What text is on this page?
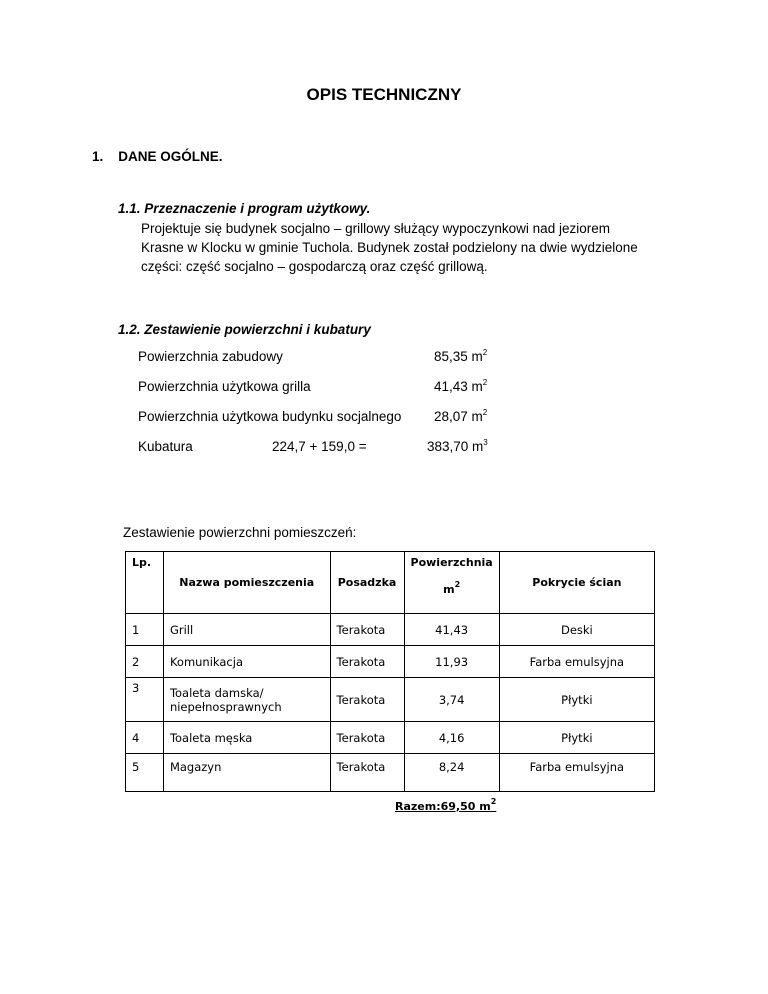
OPIS TECHNICZNY
1. DANE OGÓLNE.
1.1. Przeznaczenie i program użytkowy.
Projektuje się budynek socjalno – grillowy służący wypoczynkowi nad jeziorem
Krasne w Klocku w gminie Tuchola. Budynek został podzielony na dwie wydzielone
części: część socjalno – gospodarczą oraz część grillową.
1.2. Zestawienie powierzchni i kubatury
Powierzchnia zabudowy	85,35 $m^2$
Powierzchnia użytkowa grilla	41,43 $m^2$
Powierzchnia użytkowa budynku socjalnego 28,07 $m^2$
Kubatura	224,7 + 159,0 =	383,70 $m^3$
Zestawienie powierzchni pomieszczeń:
Lp.	Nazwa pomieszczenia	Posadzka	Powierzchnia
$m^2$	Pokrycie ścian
1	Grill	Terakota	41,43	Deski
2	Komunikacja	Terakota	11,93	Farba emulsyjna
3	Toaleta damska/
niepełnosprawnych	Terakota	3,74	Płytki
4	Toaleta męska	Terakota	4,16	Płytki
5	Magazyn	Terakota	8,24	Farba emulsyjna
Razem:69,50 $m^2$
